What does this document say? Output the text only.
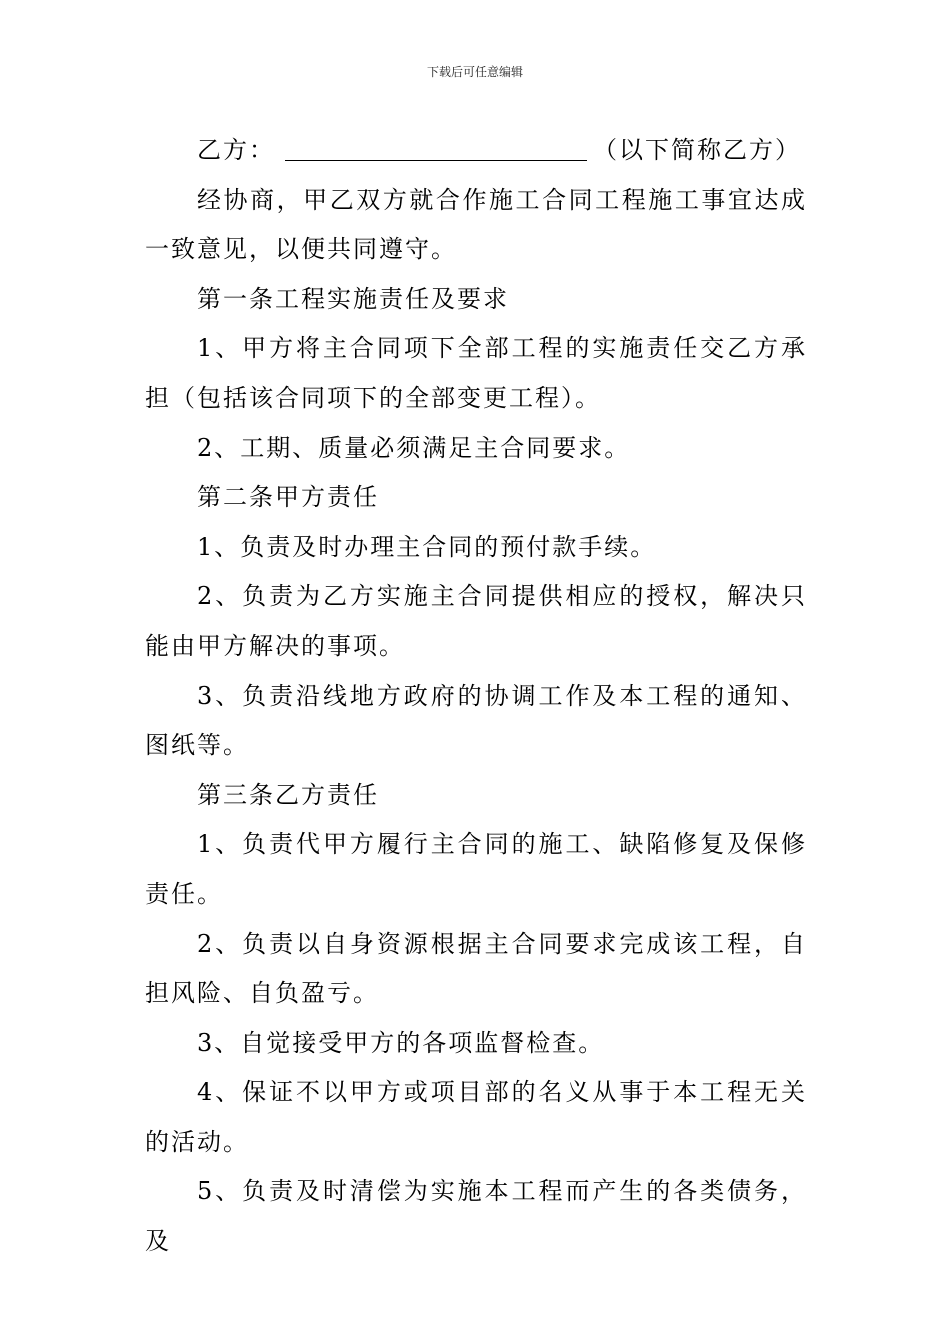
下载后可任意编辑

乙方：	（以下简称乙方）

经协商，甲乙双方就合作施工合同工程施工事宜达成一致意见，以便共同遵守。

第一条工程实施责任及要求

1、甲方将主合同项下全部工程的实施责任交乙方承担（包括该合同项下的全部变更工程）。

2、工期、质量必须满足主合同要求。

第二条甲方责任

1、负责及时办理主合同的预付款手续。

2、负责为乙方实施主合同提供相应的授权，解决只能由甲方解决的事项。

3、负责沿线地方政府的协调工作及本工程的通知、图纸等。

第三条乙方责任

1、负责代甲方履行主合同的施工、缺陷修复及保修责任。

2、负责以自身资源根据主合同要求完成该工程，自担风险、自负盈亏。

3、自觉接受甲方的各项监督检查。

4、保证不以甲方或项目部的名义从事于本工程无关的活动。

5、负责及时清偿为实施本工程而产生的各类债务，及
